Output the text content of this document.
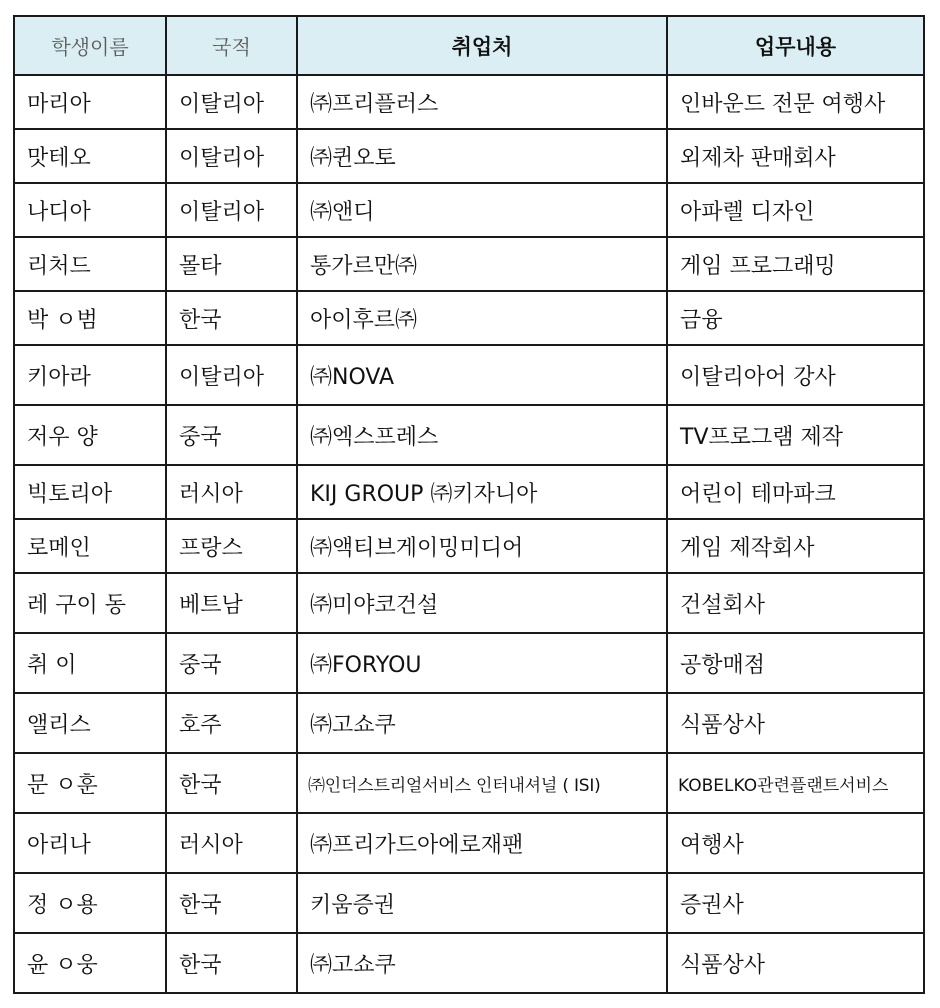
학생이름	국적	취업처	업무내용
마리아	이탈리아	㈜프리플러스	인바운드 전문 여행사
맛테오	이탈리아	㈜퀸오토	외제차 판매회사
나디아	이탈리아	㈜앤디	아파렐 디자인
리처드	몰타	통가르만㈜	게임 프로그래밍
박 ㅇ범	한국	아이후르㈜	금융
키아라	이탈리아	㈜NOVA	이탈리아어 강사
저우 양	중국	㈜엑스프레스	TV프로그램 제작
빅토리아	러시아	KIJ GROUP ㈜키자니아	어린이 테마파크
로메인	프랑스	㈜액티브게이밍미디어	게임 제작회사
레 구이 동	베트남	㈜미야코건설	건설회사
취 이	중국	㈜FORYOU	공항매점
앨리스	호주	㈜고쇼쿠	식품상사
문 ㅇ훈	한국	㈜인더스트리얼서비스 인터내셔널 ( ISI)	KOBELKO관련플랜트서비스
아리나	러시아	㈜프리가드아에로재팬	여행사
정 ㅇ용	한국	키움증권	증권사
윤 ㅇ웅	한국	㈜고쇼쿠	식품상사
